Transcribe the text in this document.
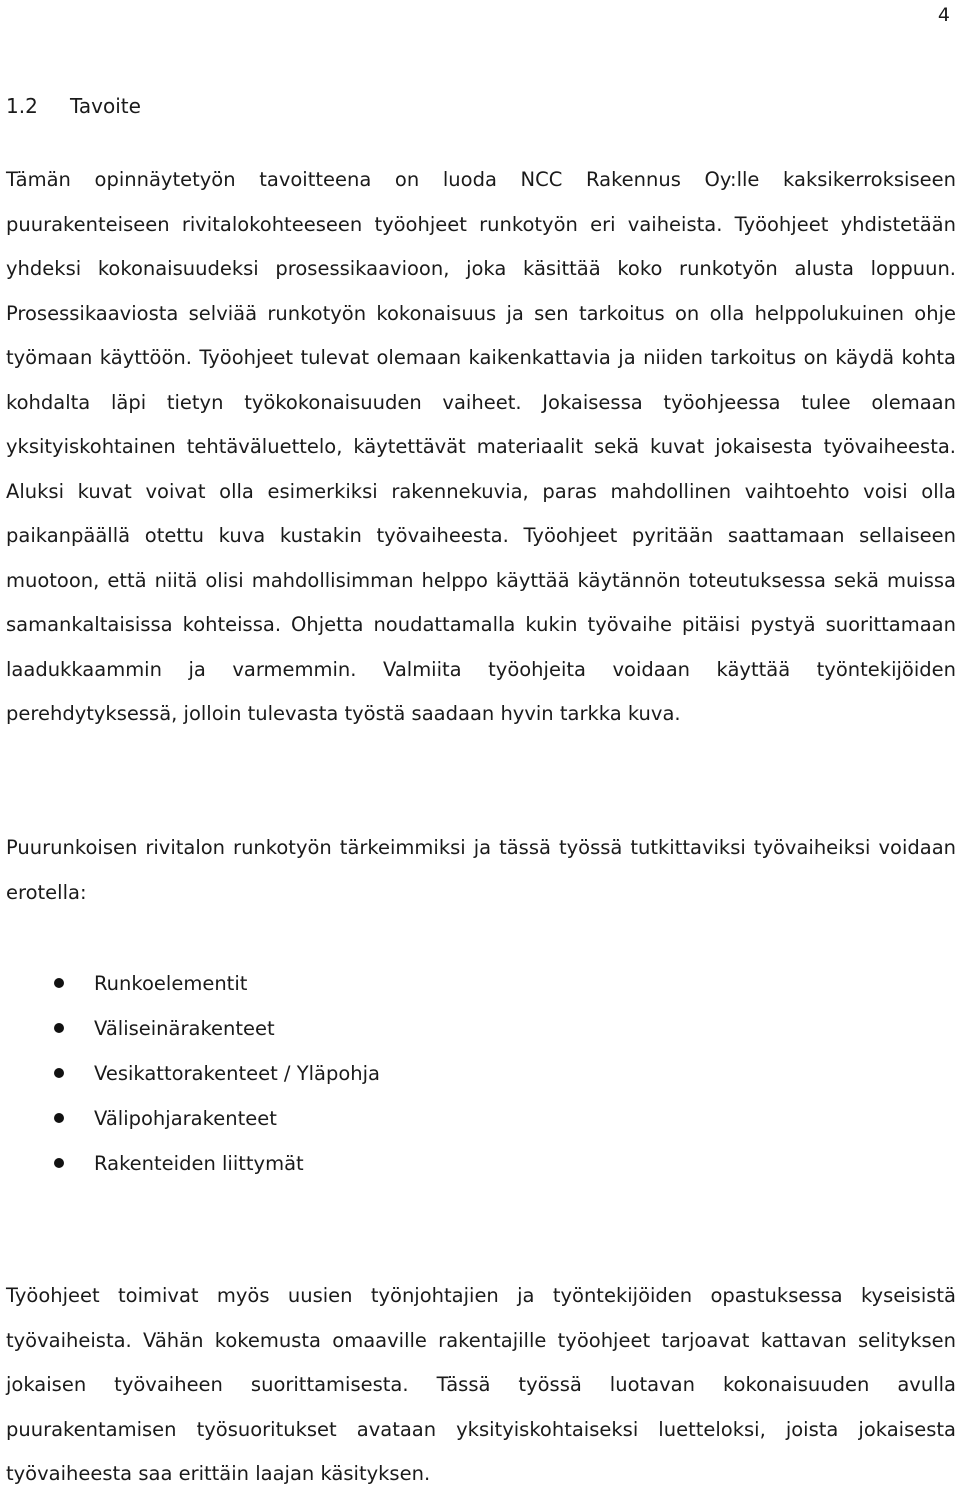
4
1.2 Tavoite

Tämän opinnäytetyön tavoitteena on luoda NCC Rakennus Oy:lle kaksikerroksiseen puurakenteiseen rivitalokohteeseen työohjeet runkotyön eri vaiheista. Työohjeet yhdistetään yhdeksi kokonaisuudeksi prosessikaavioon, joka käsittää koko runkotyön alusta loppuun. Prosessikaaviosta selviää runkotyön kokonaisuus ja sen tarkoitus on olla helppolukuinen ohje työmaan käyttöön. Työohjeet tulevat olemaan kaikenkattavia ja niiden tarkoitus on käydä kohta kohdalta läpi tietyn työkokonaisuuden vaiheet. Jokaisessa työohjeessa tulee olemaan yksityiskohtainen tehtäväluettelo, käytettävät materiaalit sekä kuvat jokaisesta työvaiheesta. Aluksi kuvat voivat olla esimerkiksi rakennekuvia, paras mahdollinen vaihtoehto voisi olla paikanpäällä otettu kuva kustakin työvaiheesta. Työohjeet pyritään saattamaan sellaiseen muotoon, että niitä olisi mahdollisimman helppo käyttää käytännön toteutuksessa sekä muissa samankaltaisissa kohteissa. Ohjetta noudattamalla kukin työvaihe pitäisi pystyä suorittamaan laadukkaammin ja varmemmin. Valmiita työohjeita voidaan käyttää työntekijöiden perehdytyksessä, jolloin tulevasta työstä saadaan hyvin tarkka kuva.

Puurunkoisen rivitalon runkotyön tärkeimmiksi ja tässä työssä tutkittaviksi työvaiheiksi voidaan erotella:

Runkoelementit
Väliseinärakenteet
Vesikattorakenteet / Yläpohja
Välipohjarakenteet
Rakenteiden liittymät

Työohjeet toimivat myös uusien työnjohtajien ja työntekijöiden opastuksessa kyseisistä työvaiheista. Vähän kokemusta omaaville rakentajille työohjeet tarjoavat kattavan selityksen jokaisen työvaiheen suorittamisesta. Tässä työssä luotavan kokonaisuuden avulla puurakentamisen työsuoritukset avataan yksityiskohtaiseksi luetteloksi, joista jokaisesta työvaiheesta saa erittäin laajan käsityksen.
